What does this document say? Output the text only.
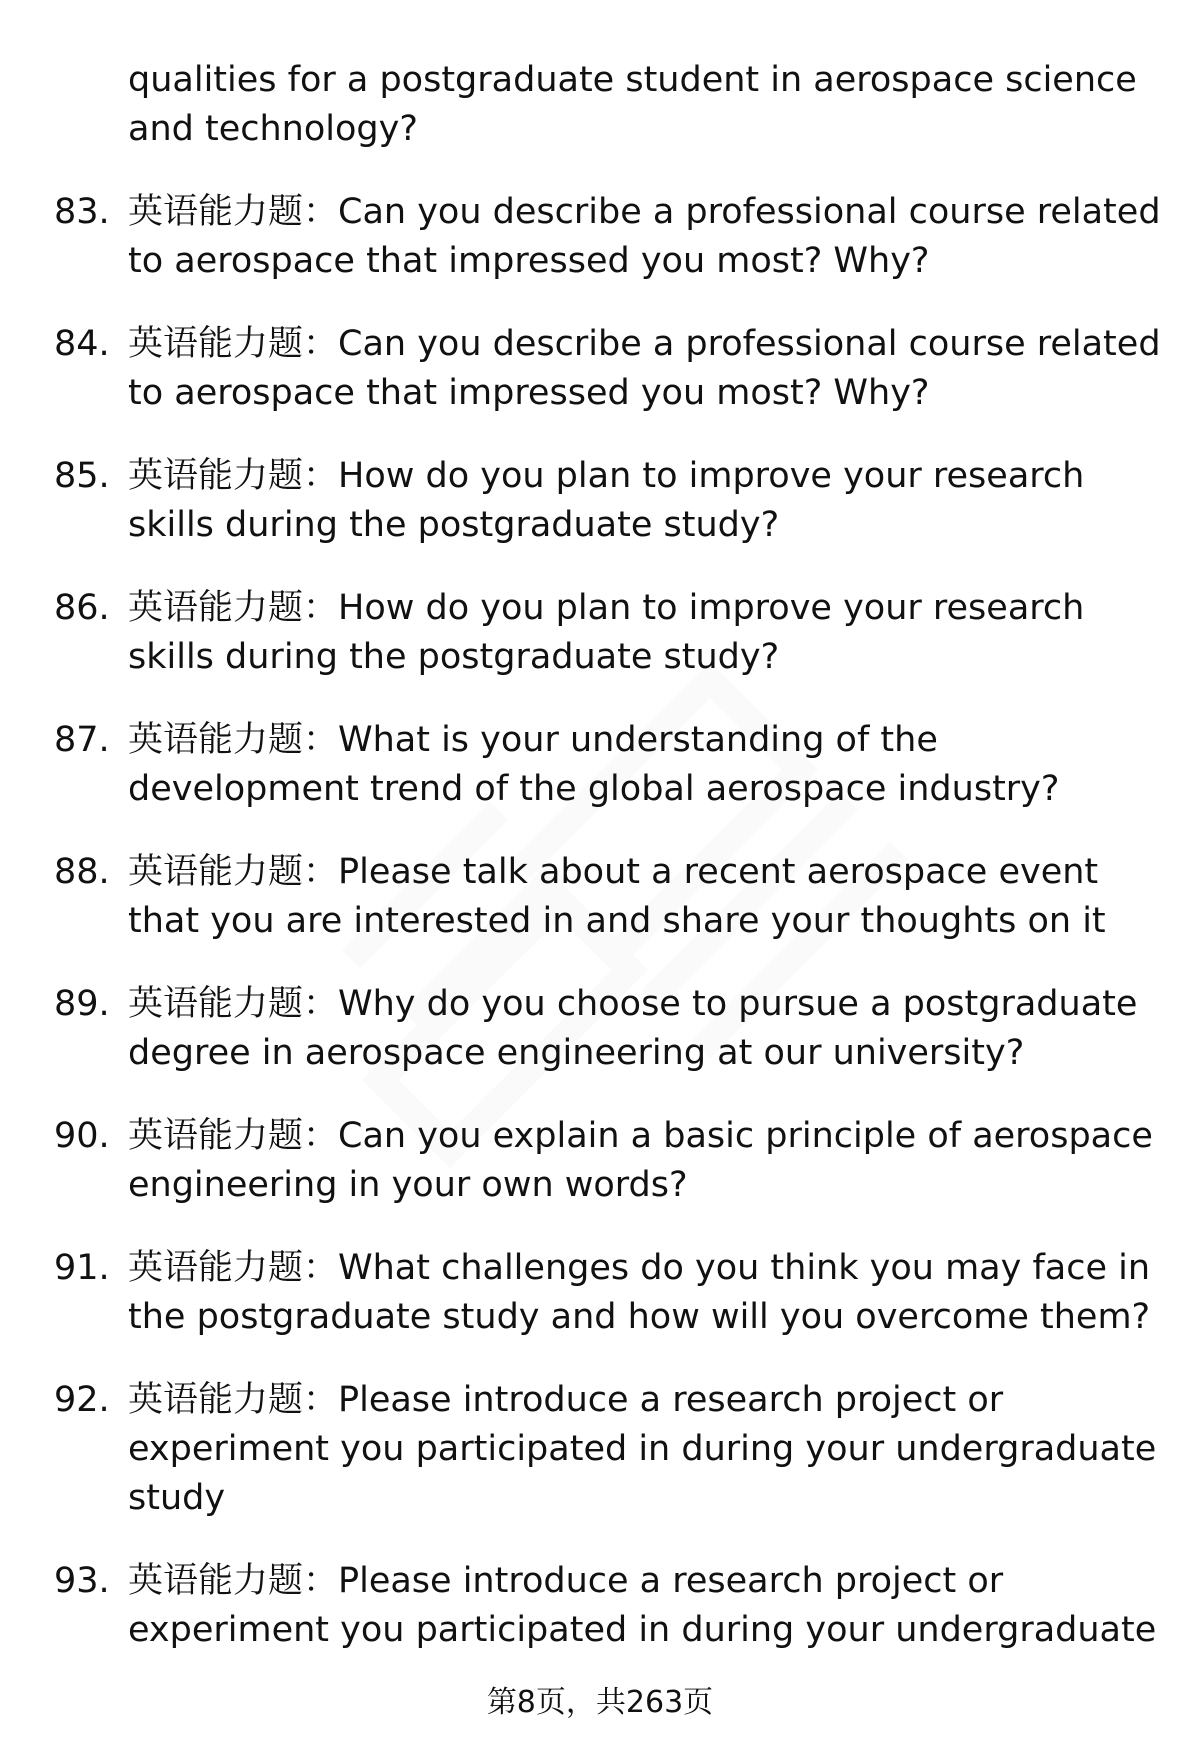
qualities for a postgraduate student in aerospace science and technology?
83. 英语能力题：Can you describe a professional course related to aerospace that impressed you most? Why?
84. 英语能力题：Can you describe a professional course related to aerospace that impressed you most? Why?
85. 英语能力题：How do you plan to improve your research skills during the postgraduate study?
86. 英语能力题：How do you plan to improve your research skills during the postgraduate study?
87. 英语能力题：What is your understanding of the development trend of the global aerospace industry?
88. 英语能力题：Please talk about a recent aerospace event that you are interested in and share your thoughts on it
89. 英语能力题：Why do you choose to pursue a postgraduate degree in aerospace engineering at our university?
90. 英语能力题：Can you explain a basic principle of aerospace engineering in your own words?
91. 英语能力题：What challenges do you think you may face in the postgraduate study and how will you overcome them?
92. 英语能力题：Please introduce a research project or experiment you participated in during your undergraduate study
93. 英语能力题：Please introduce a research project or experiment you participated in during your undergraduate
第8页，共263页
